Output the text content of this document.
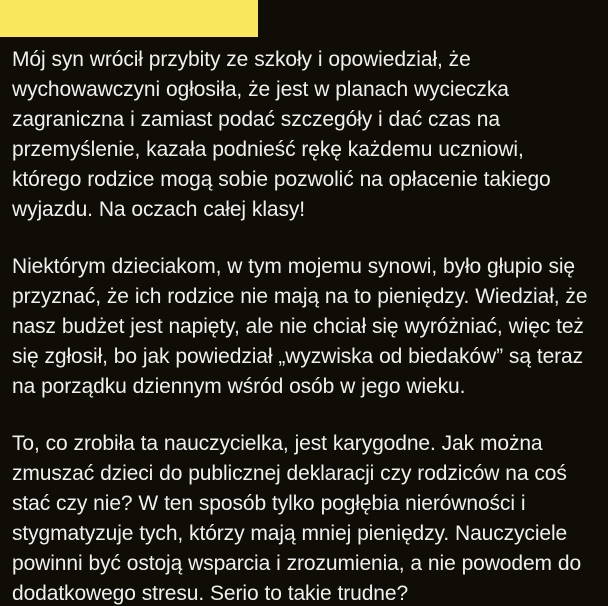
Mój syn wrócił przybity ze szkoły i opowiedział, że wychowawczyni ogłosiła, że jest w planach wycieczka zagraniczna i zamiast podać szczegóły i dać czas na przemyślenie, kazała podnieść rękę każdemu uczniowi, którego rodzice mogą sobie pozwolić na opłacenie takiego wyjazdu. Na oczach całej klasy!

Niektórym dzieciakom, w tym mojemu synowi, było głupio się przyznać, że ich rodzice nie mają na to pieniędzy. Wiedział, że nasz budżet jest napięty, ale nie chciał się wyróżniać, więc też się zgłosił, bo jak powiedział „wyzwiska od biedaków” są teraz na porządku dziennym wśród osób w jego wieku.

To, co zrobiła ta nauczycielka, jest karygodne. Jak można zmuszać dzieci do publicznej deklaracji czy rodziców na coś stać czy nie? W ten sposób tylko pogłębia nierówności i stygmatyzuje tych, którzy mają mniej pieniędzy. Nauczyciele powinni być ostoją wsparcia i zrozumienia, a nie powodem do dodatkowego stresu. Serio to takie trudne?
